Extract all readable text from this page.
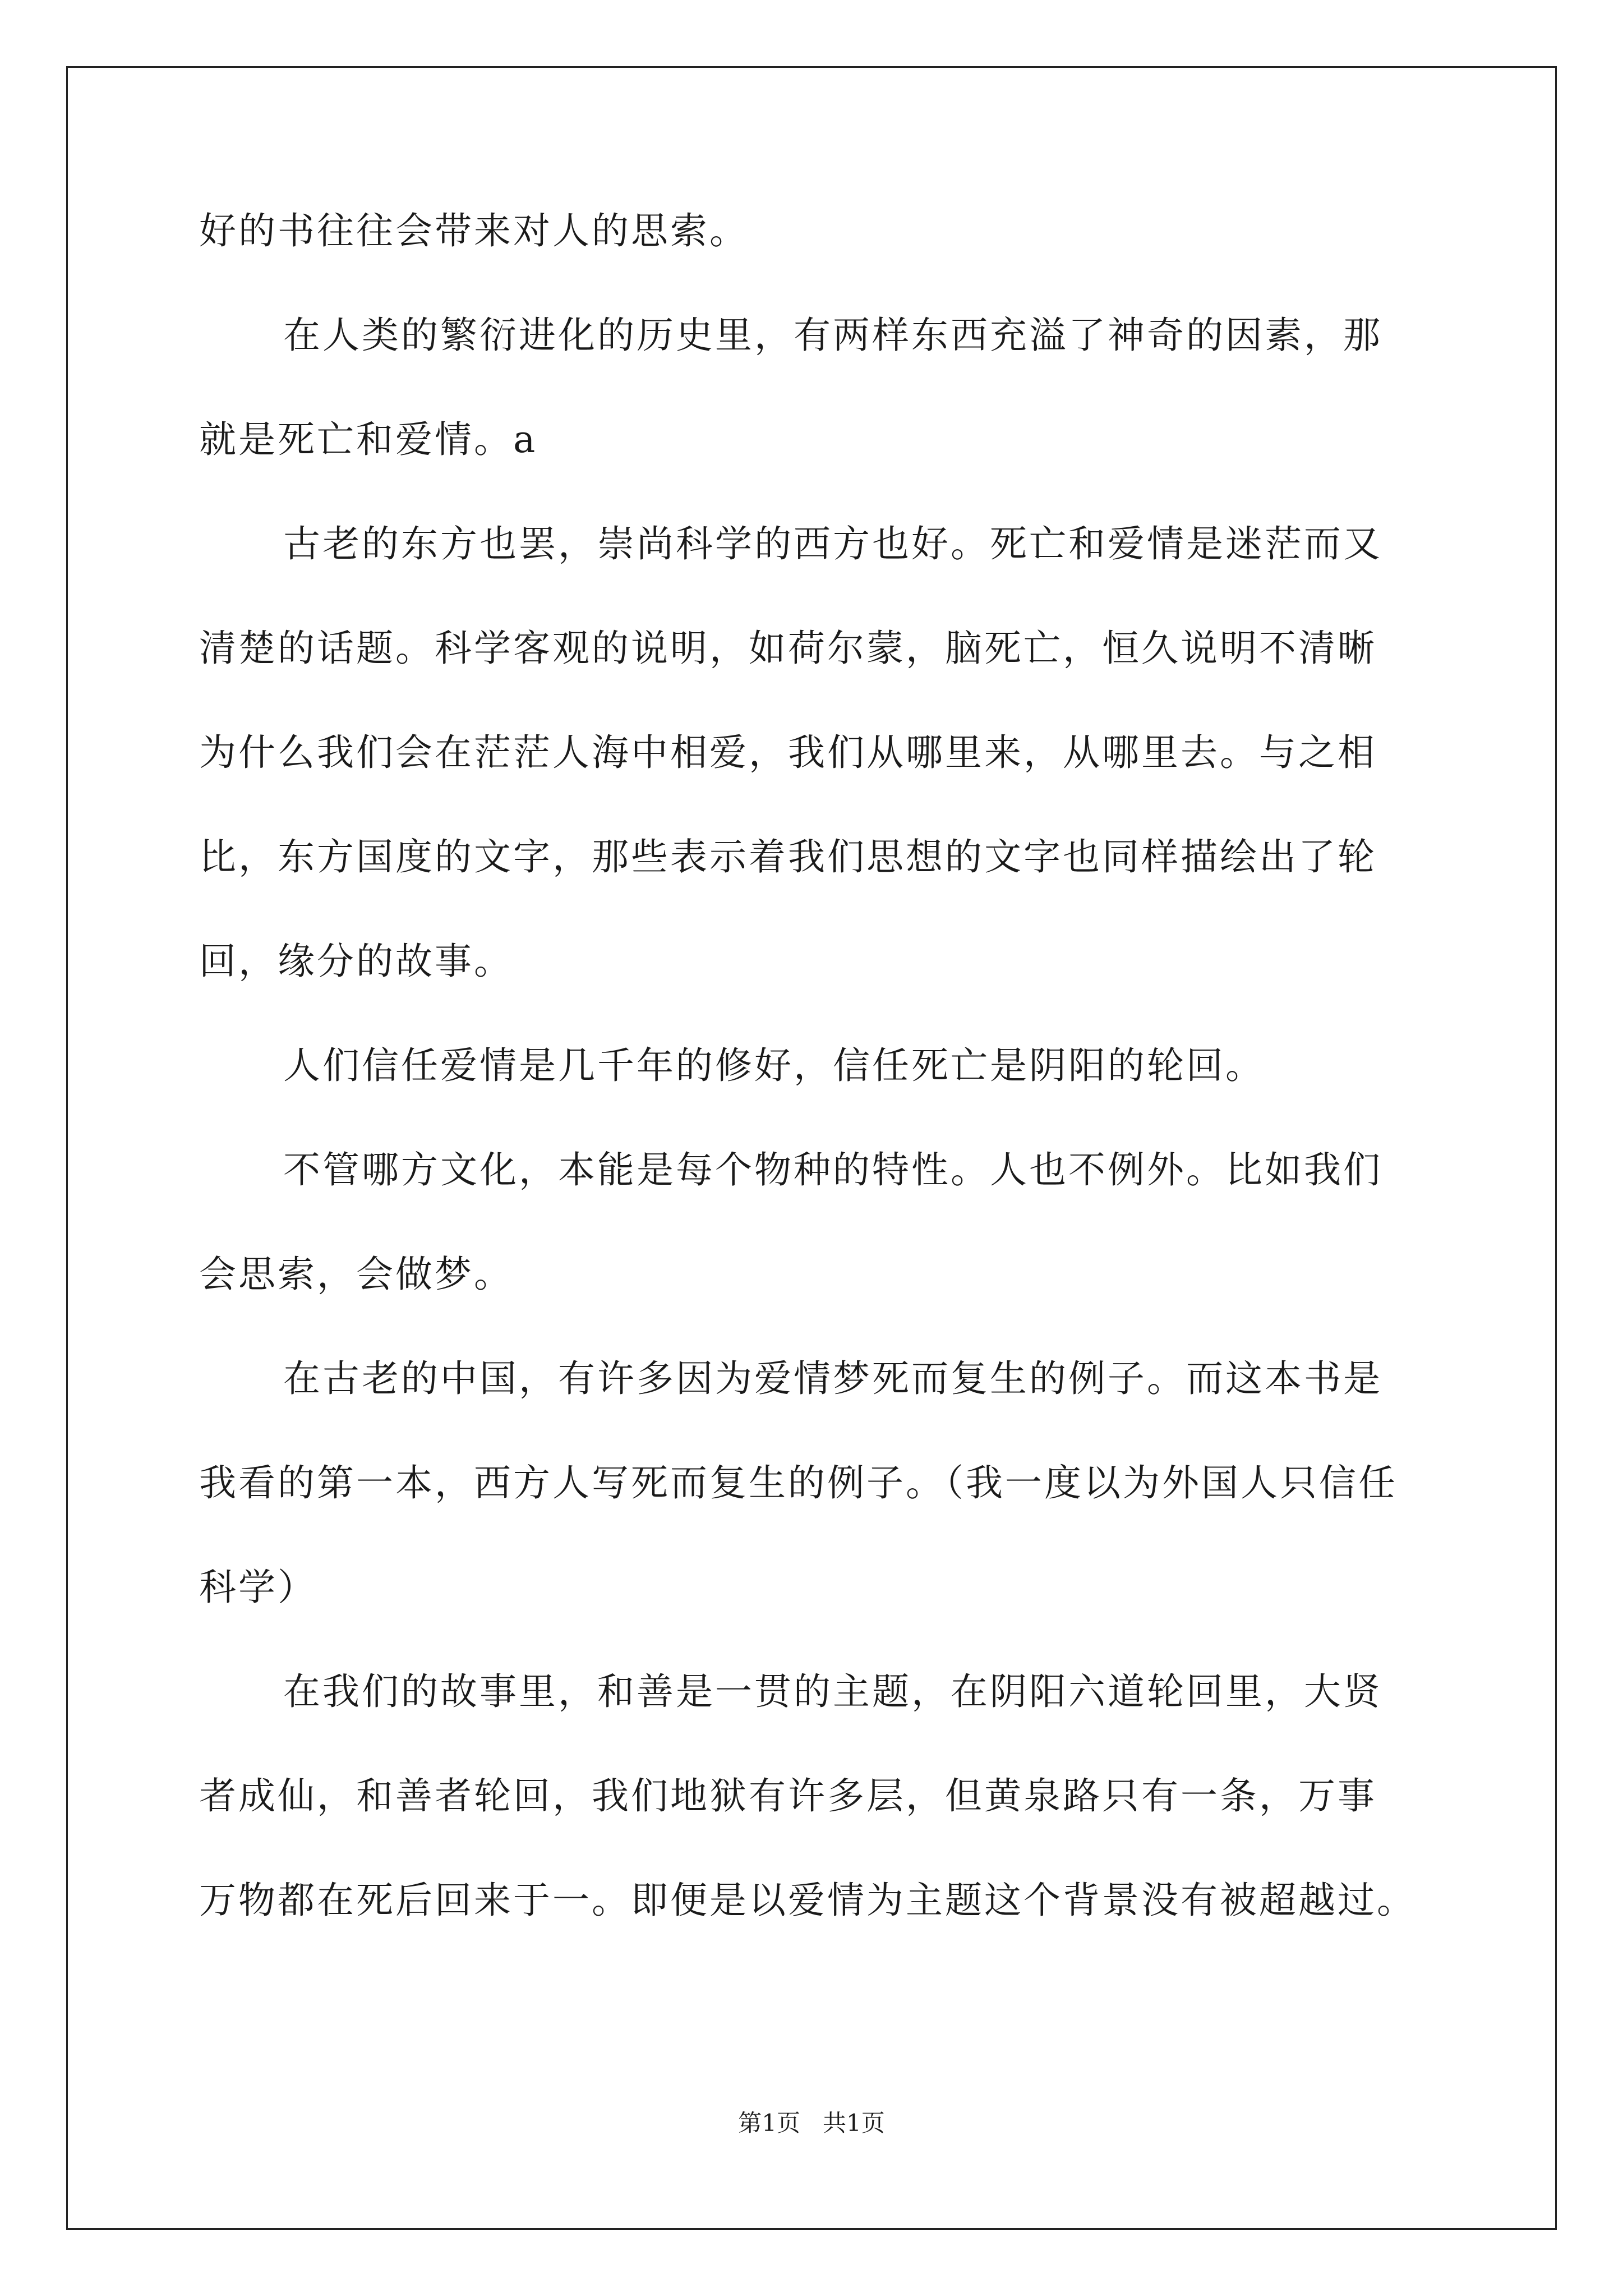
好的书往往会带来对人的思索。
在人类的繁衍进化的历史里，有两样东西充溢了神奇的因素，那
就是死亡和爱情。a
古老的东方也罢，崇尚科学的西方也好。死亡和爱情是迷茫而又
清楚的话题。科学客观的说明，如荷尔蒙，脑死亡，恒久说明不清晰
为什么我们会在茫茫人海中相爱，我们从哪里来，从哪里去。与之相
比，东方国度的文字，那些表示着我们思想的文字也同样描绘出了轮
回，缘分的故事。
人们信任爱情是几千年的修好，信任死亡是阴阳的轮回。
不管哪方文化，本能是每个物种的特性。人也不例外。比如我们
会思索，会做梦。
在古老的中国，有许多因为爱情梦死而复生的例子。而这本书是
我看的第一本，西方人写死而复生的例子。（我一度以为外国人只信任
科学）
在我们的故事里，和善是一贯的主题，在阴阳六道轮回里，大贤
者成仙，和善者轮回，我们地狱有许多层，但黄泉路只有一条，万事
万物都在死后回来于一。即便是以爱情为主题这个背景没有被超越过。
第1页   共1页
